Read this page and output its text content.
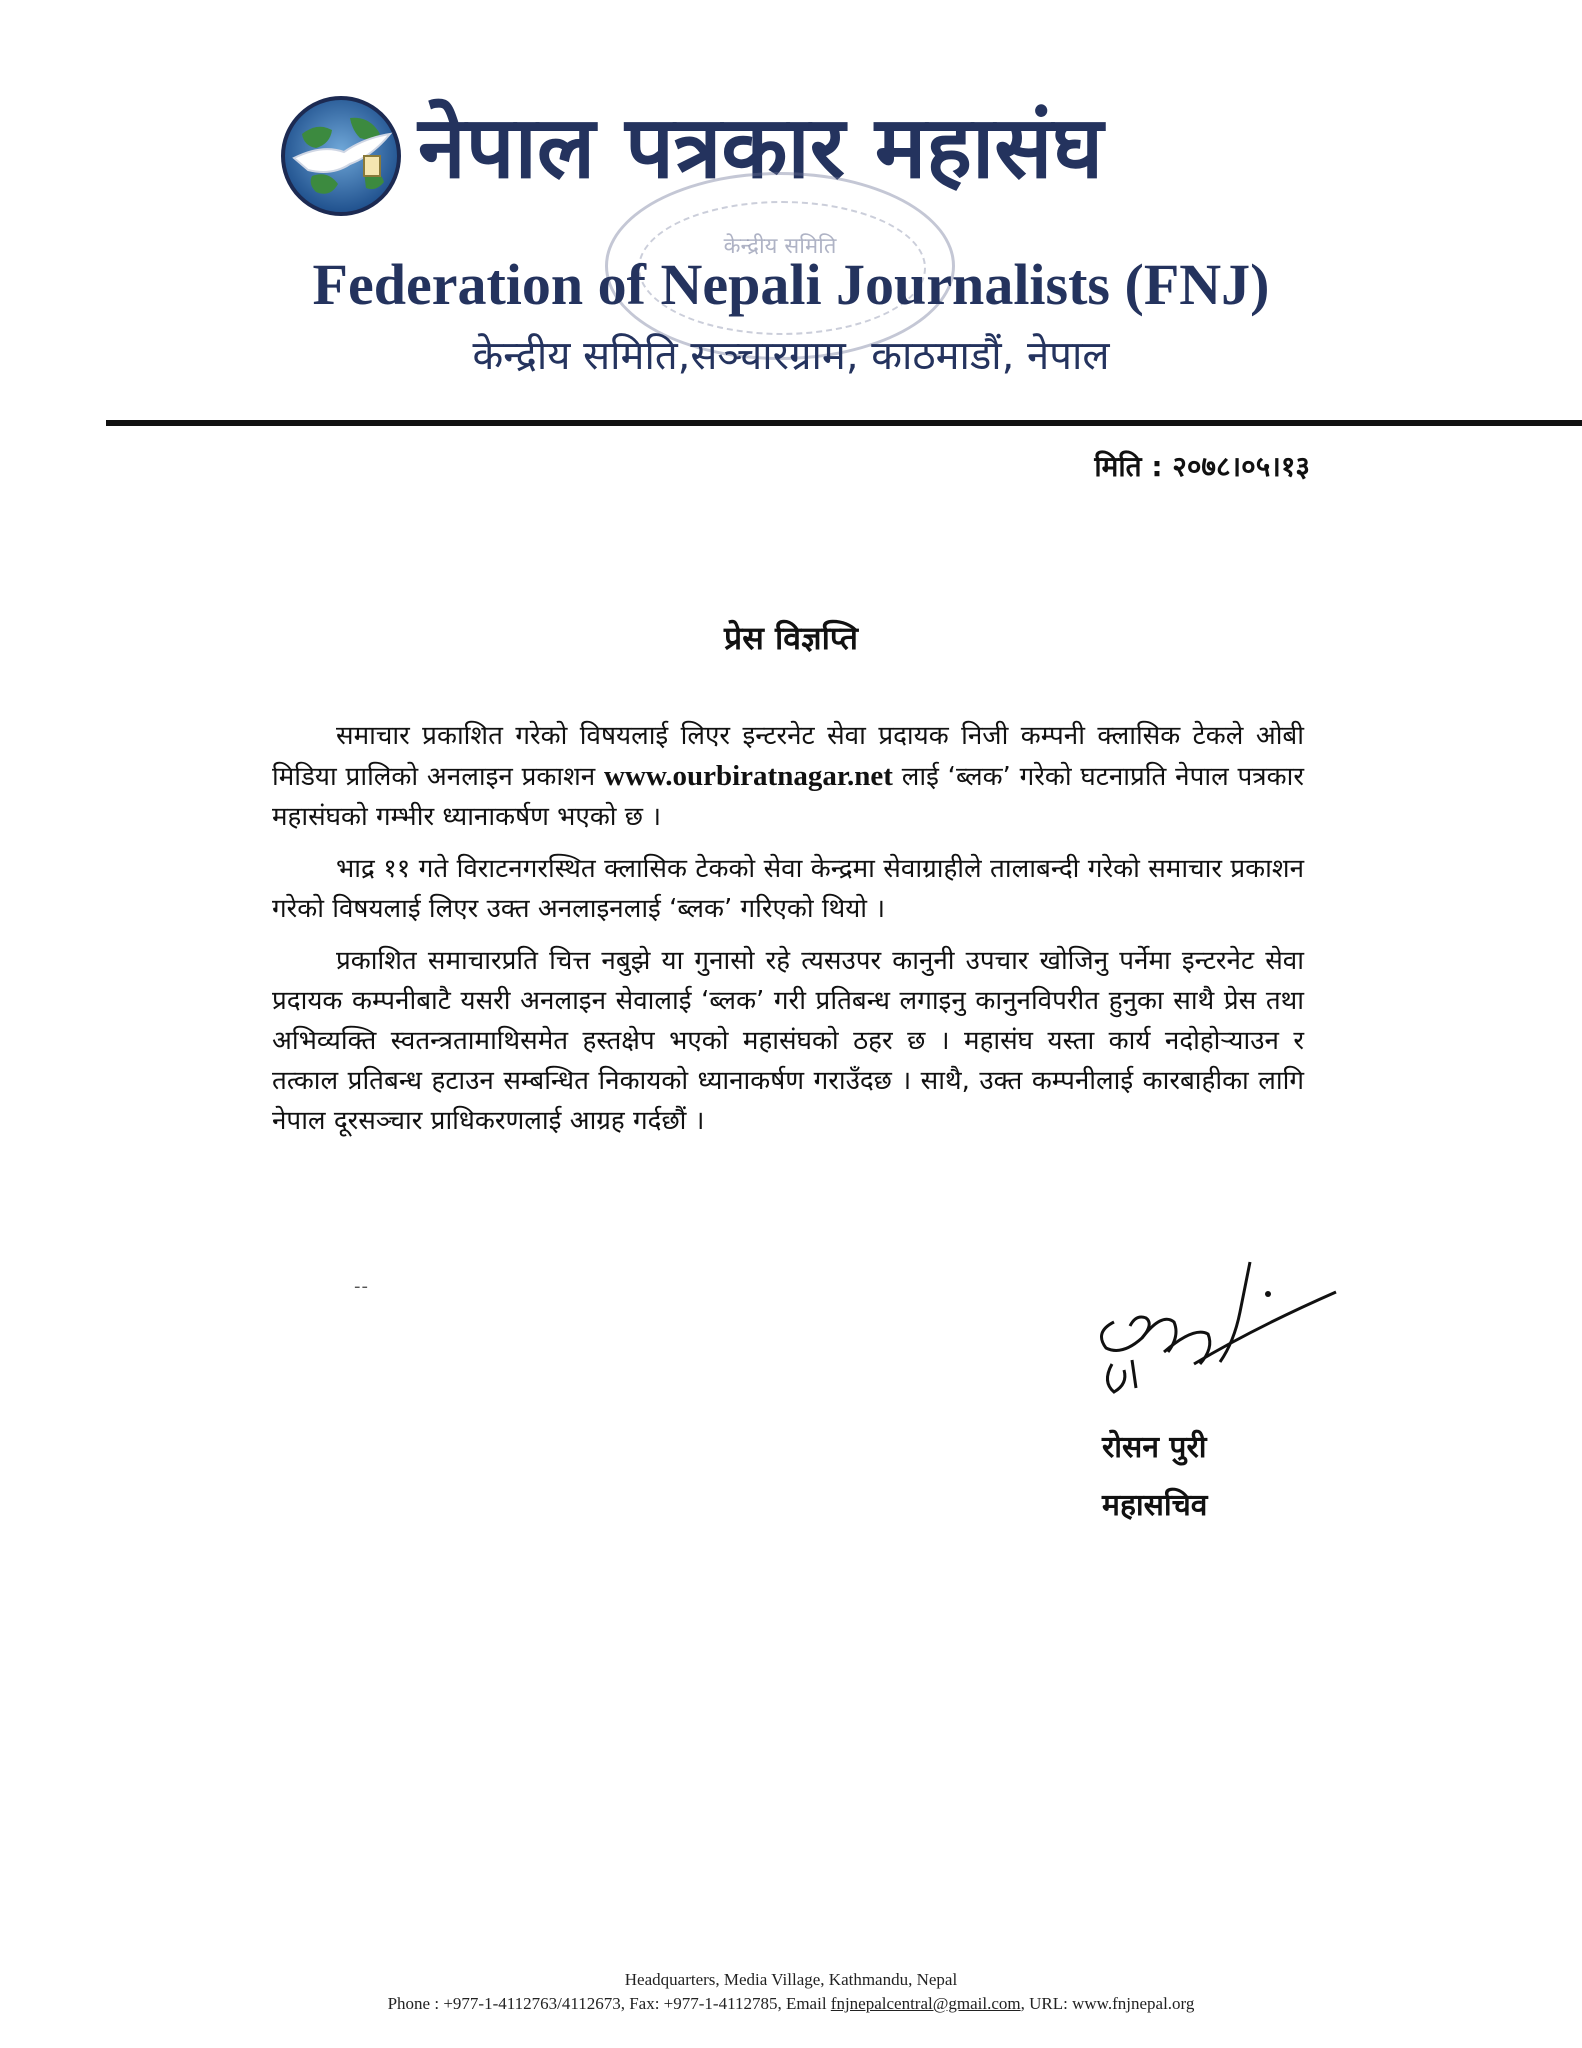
नेपाल पत्रकार महासंघ
केन्द्रीय समिति
Federation of Nepali Journalists (FNJ)
केन्द्रीय समिति,सञ्चारग्राम, काठमाडौं, नेपाल
मिति : २०७८।०५।१३
प्रेस विज्ञप्ति

समाचार प्रकाशित गरेको विषयलाई लिएर इन्टरनेट सेवा प्रदायक निजी कम्पनी क्लासिक टेकले ओबी मिडिया प्रालिको अनलाइन प्रकाशन www.ourbiratnagar.net लाई ‘ब्लक’ गरेको घटनाप्रति नेपाल पत्रकार महासंघको गम्भीर ध्यानाकर्षण भएको छ ।

भाद्र ११ गते विराटनगरस्थित क्लासिक टेकको सेवा केन्द्रमा सेवाग्राहीले तालाबन्दी गरेको समाचार प्रकाशन गरेको विषयलाई लिएर उक्त अनलाइनलाई ‘ब्लक’ गरिएको थियो ।

प्रकाशित समाचारप्रति चित्त नबुझे या गुनासो रहे त्यसउपर कानुनी उपचार खोजिनु पर्नेमा इन्टरनेट सेवा प्रदायक कम्पनीबाटै यसरी अनलाइन सेवालाई ‘ब्लक’ गरी प्रतिबन्ध लगाइनु कानुनविपरीत हुनुका साथै प्रेस तथा अभिव्यक्ति स्वतन्त्रतामाथिसमेत हस्तक्षेप भएको महासंघको ठहर छ । महासंघ यस्ता कार्य नदोहोऱ्याउन र तत्काल प्रतिबन्ध हटाउन सम्बन्धित निकायको ध्यानाकर्षण गराउँदछ । साथै, उक्त कम्पनीलाई कारबाहीका लागि नेपाल दूरसञ्चार प्राधिकरणलाई आग्रह गर्दछौं ।

--
रोसन पुरी
महासचिव
Headquarters, Media Village, Kathmandu, Nepal
Phone : +977-1-4112763/4112673, Fax: +977-1-4112785, Email fnjnepalcentral@gmail.com, URL: www.fnjnepal.org
